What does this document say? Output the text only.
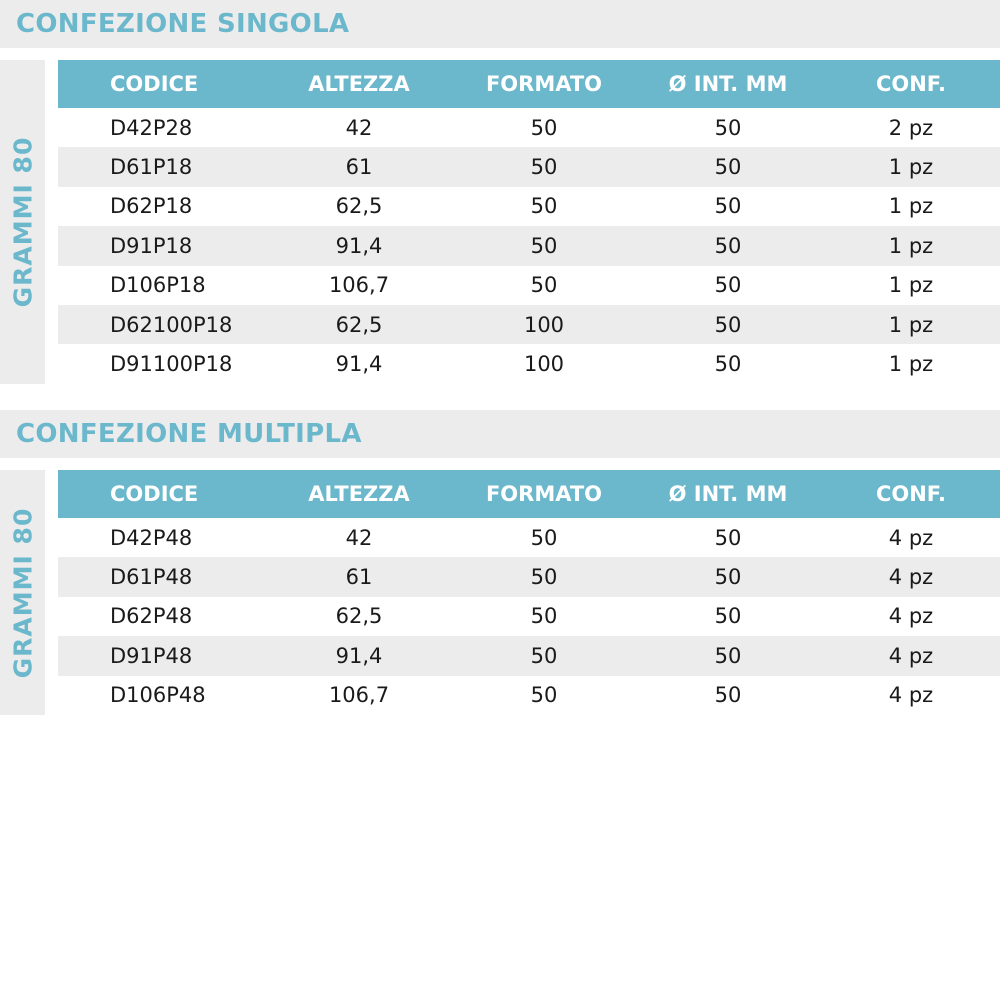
CONFEZIONE SINGOLA
GRAMMI 80
CODICE	ALTEZZA	FORMATO	Ø INT. MM	CONF.
D42P28	42	50	50	2 pz
D61P18	61	50	50	1 pz
D62P18	62,5	50	50	1 pz
D91P18	91,4	50	50	1 pz
D106P18	106,7	50	50	1 pz
D62100P18	62,5	100	50	1 pz
D91100P18	91,4	100	50	1 pz
CONFEZIONE MULTIPLA
GRAMMI 80
CODICE	ALTEZZA	FORMATO	Ø INT. MM	CONF.
D42P48	42	50	50	4 pz
D61P48	61	50	50	4 pz
D62P48	62,5	50	50	4 pz
D91P48	91,4	50	50	4 pz
D106P48	106,7	50	50	4 pz
